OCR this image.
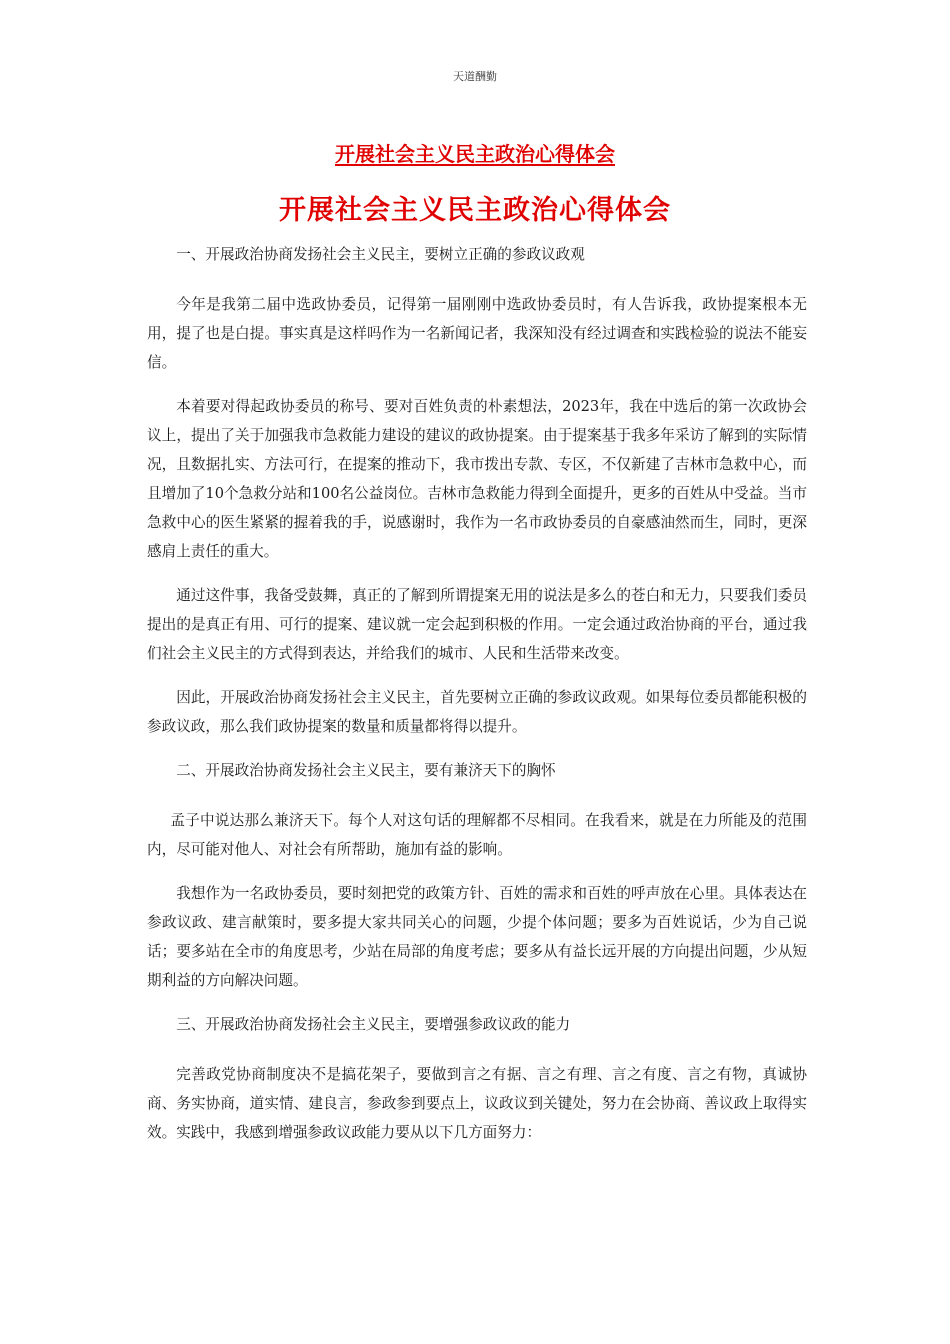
天道酬勤
开展社会主义民主政治心得体会
开展社会主义民主政治心得体会

一、开展政治协商发扬社会主义民主，要树立正确的参政议政观

今年是我第二届中选政协委员，记得第一届刚刚中选政协委员时，有人告诉我，政协提案根本无用，提了也是白提。事实真是这样吗作为一名新闻记者，我深知没有经过调查和实践检验的说法不能妄信。

本着要对得起政协委员的称号、要对百姓负责的朴素想法，2023年，我在中选后的第一次政协会议上，提出了关于加强我市急救能力建设的建议的政协提案。由于提案基于我多年采访了解到的实际情况，且数据扎实、方法可行，在提案的推动下，我市拨出专款、专区，不仅新建了吉林市急救中心，而且增加了10个急救分站和100名公益岗位。吉林市急救能力得到全面提升，更多的百姓从中受益。当市急救中心的医生紧紧的握着我的手，说感谢时，我作为一名市政协委员的自豪感油然而生，同时，更深感肩上责任的重大。

通过这件事，我备受鼓舞，真正的了解到所谓提案无用的说法是多么的苍白和无力，只要我们委员提出的是真正有用、可行的提案、建议就一定会起到积极的作用。一定会通过政治协商的平台，通过我们社会主义民主的方式得到表达，并给我们的城市、人民和生活带来改变。

因此，开展政治协商发扬社会主义民主，首先要树立正确的参政议政观。如果每位委员都能积极的参政议政，那么我们政协提案的数量和质量都将得以提升。

二、开展政治协商发扬社会主义民主，要有兼济天下的胸怀

孟子中说达那么兼济天下。每个人对这句话的理解都不尽相同。在我看来，就是在力所能及的范围内，尽可能对他人、对社会有所帮助，施加有益的影响。

我想作为一名政协委员，要时刻把党的政策方针、百姓的需求和百姓的呼声放在心里。具体表达在参政议政、建言献策时，要多提大家共同关心的问题，少提个体问题；要多为百姓说话，少为自己说话；要多站在全市的角度思考，少站在局部的角度考虑；要多从有益长远开展的方向提出问题，少从短期利益的方向解决问题。

三、开展政治协商发扬社会主义民主，要增强参政议政的能力

完善政党协商制度决不是搞花架子，要做到言之有据、言之有理、言之有度、言之有物，真诚协商、务实协商，道实情、建良言，参政参到要点上，议政议到关键处，努力在会协商、善议政上取得实效。实践中，我感到增强参政议政能力要从以下几方面努力：
